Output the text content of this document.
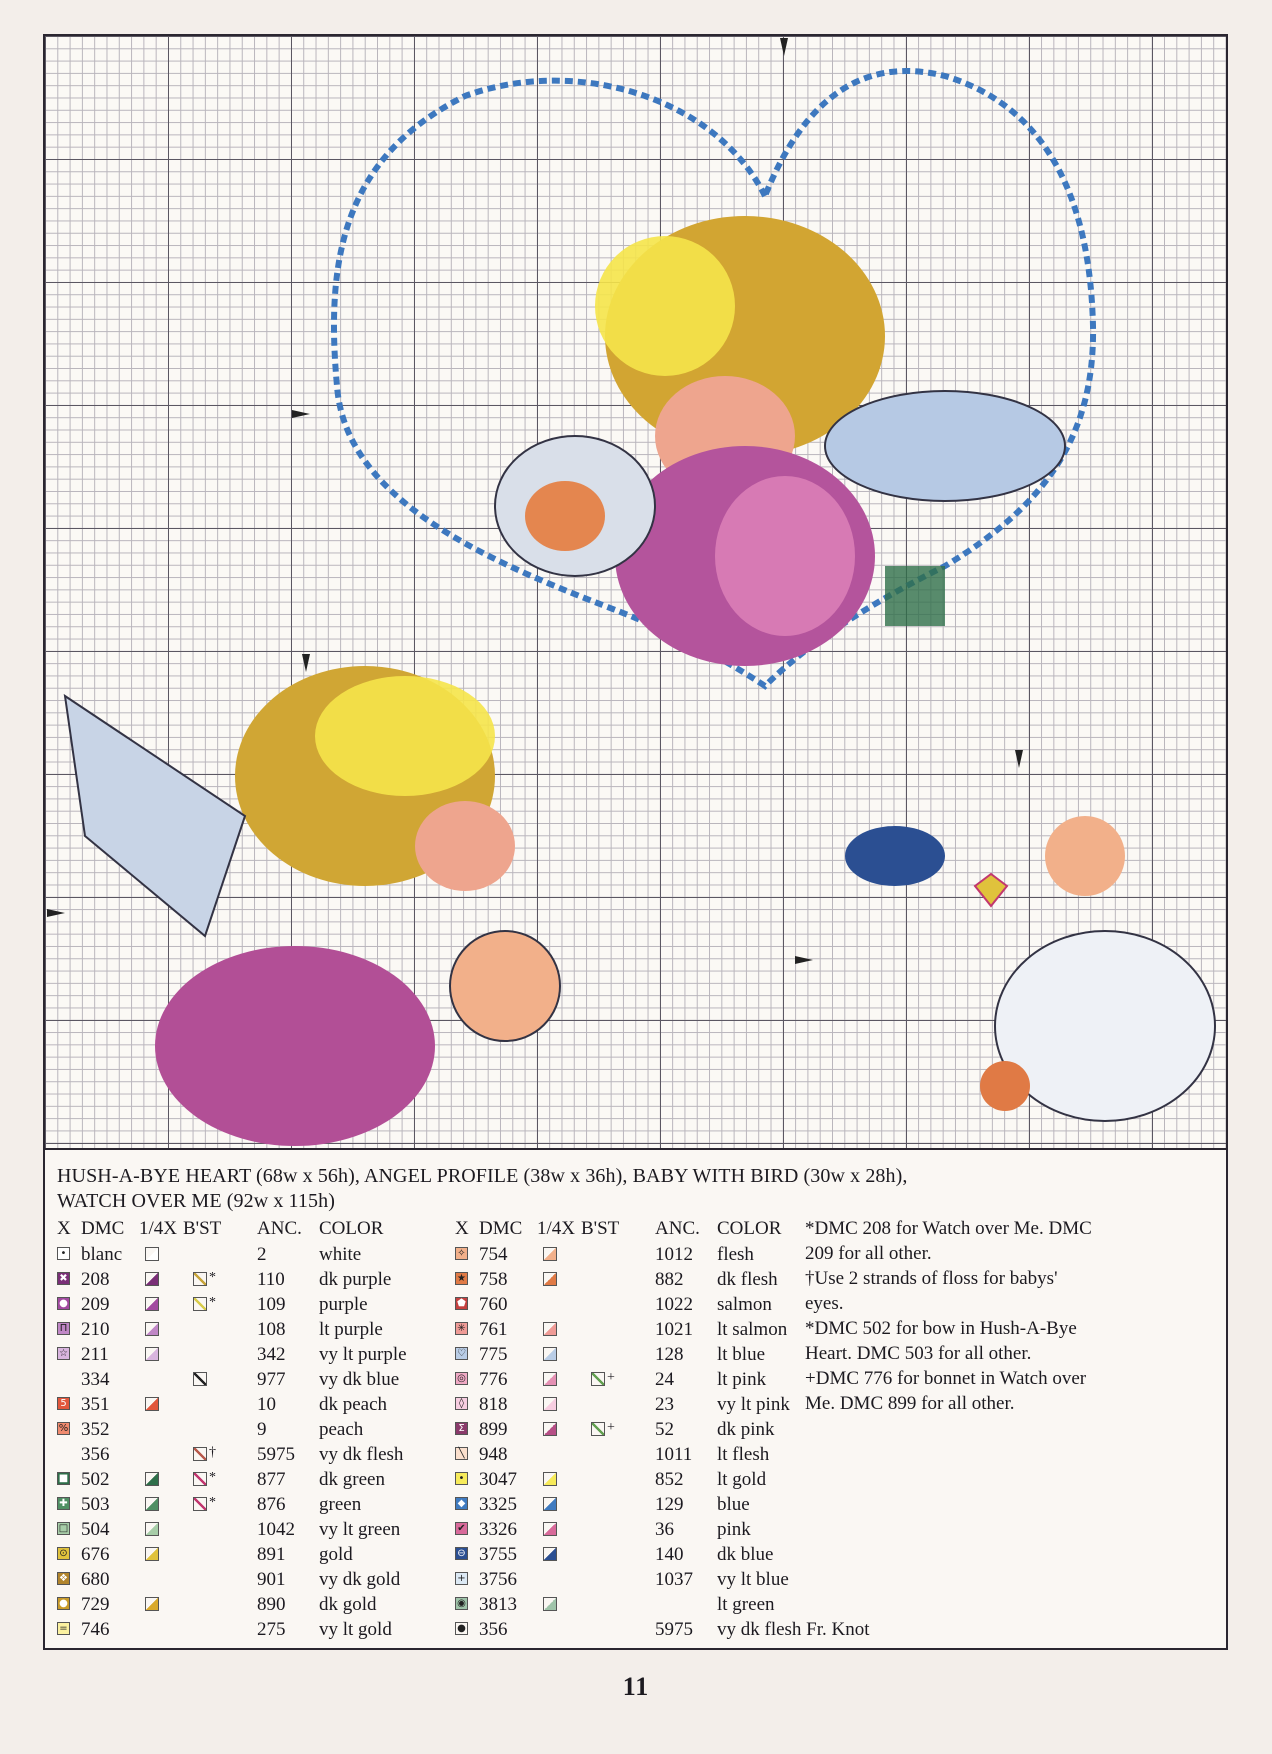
HUSH-A-BYE HEART (68w x 56h), ANGEL PROFILE (38w x 36h), BABY WITH BIRD (30w x 28h),
WATCH OVER ME (92w x 115h)
X DMC 1/4X B'ST ANC. COLOR	X DMC 1/4X B'ST ANC. COLOR
• blanc	2	white
✖ 208	* 110 dk purple
● 209	* 109 purple
Π 210	108 lt purple
☆ 211	342 vy lt purple
334	977 vy dk blue
5 351	10 dk peach
% 352	9	peach
356	† 5975 vy dk flesh
■ 502	* 877 dk green
✚ 503	* 876 green
□ 504	1042 vy lt green
⊙ 676	891 gold
❖ 680	901 vy dk gold
● 729	890 dk gold
= 746	275 vy lt gold
✧ 754	1012 flesh
★ 758	882 dk flesh
⬟ 760	1022 salmon
✳ 761	1021 lt salmon
♡ 775	128 lt blue
◎ 776	+ 24 lt pink
◊ 818	23 vy lt pink
Σ 899	+ 52 dk pink
╲ 948	1011 lt flesh
• 3047	852 lt gold
◆ 3325	129 blue
✔ 3326	36 pink
⊖ 3755	140 dk blue
+ 3756	1037 vy lt blue
◉ 3813	lt green
● 356	5975 vy dk flesh Fr. Knot
*DMC 208 for Watch over Me. DMC 209 for all other.
†Use 2 strands of floss for babys' eyes.
*DMC 502 for bow in Hush-A-Bye Heart. DMC 503 for all other.
+DMC 776 for bonnet in Watch over Me. DMC 899 for all other.
11
